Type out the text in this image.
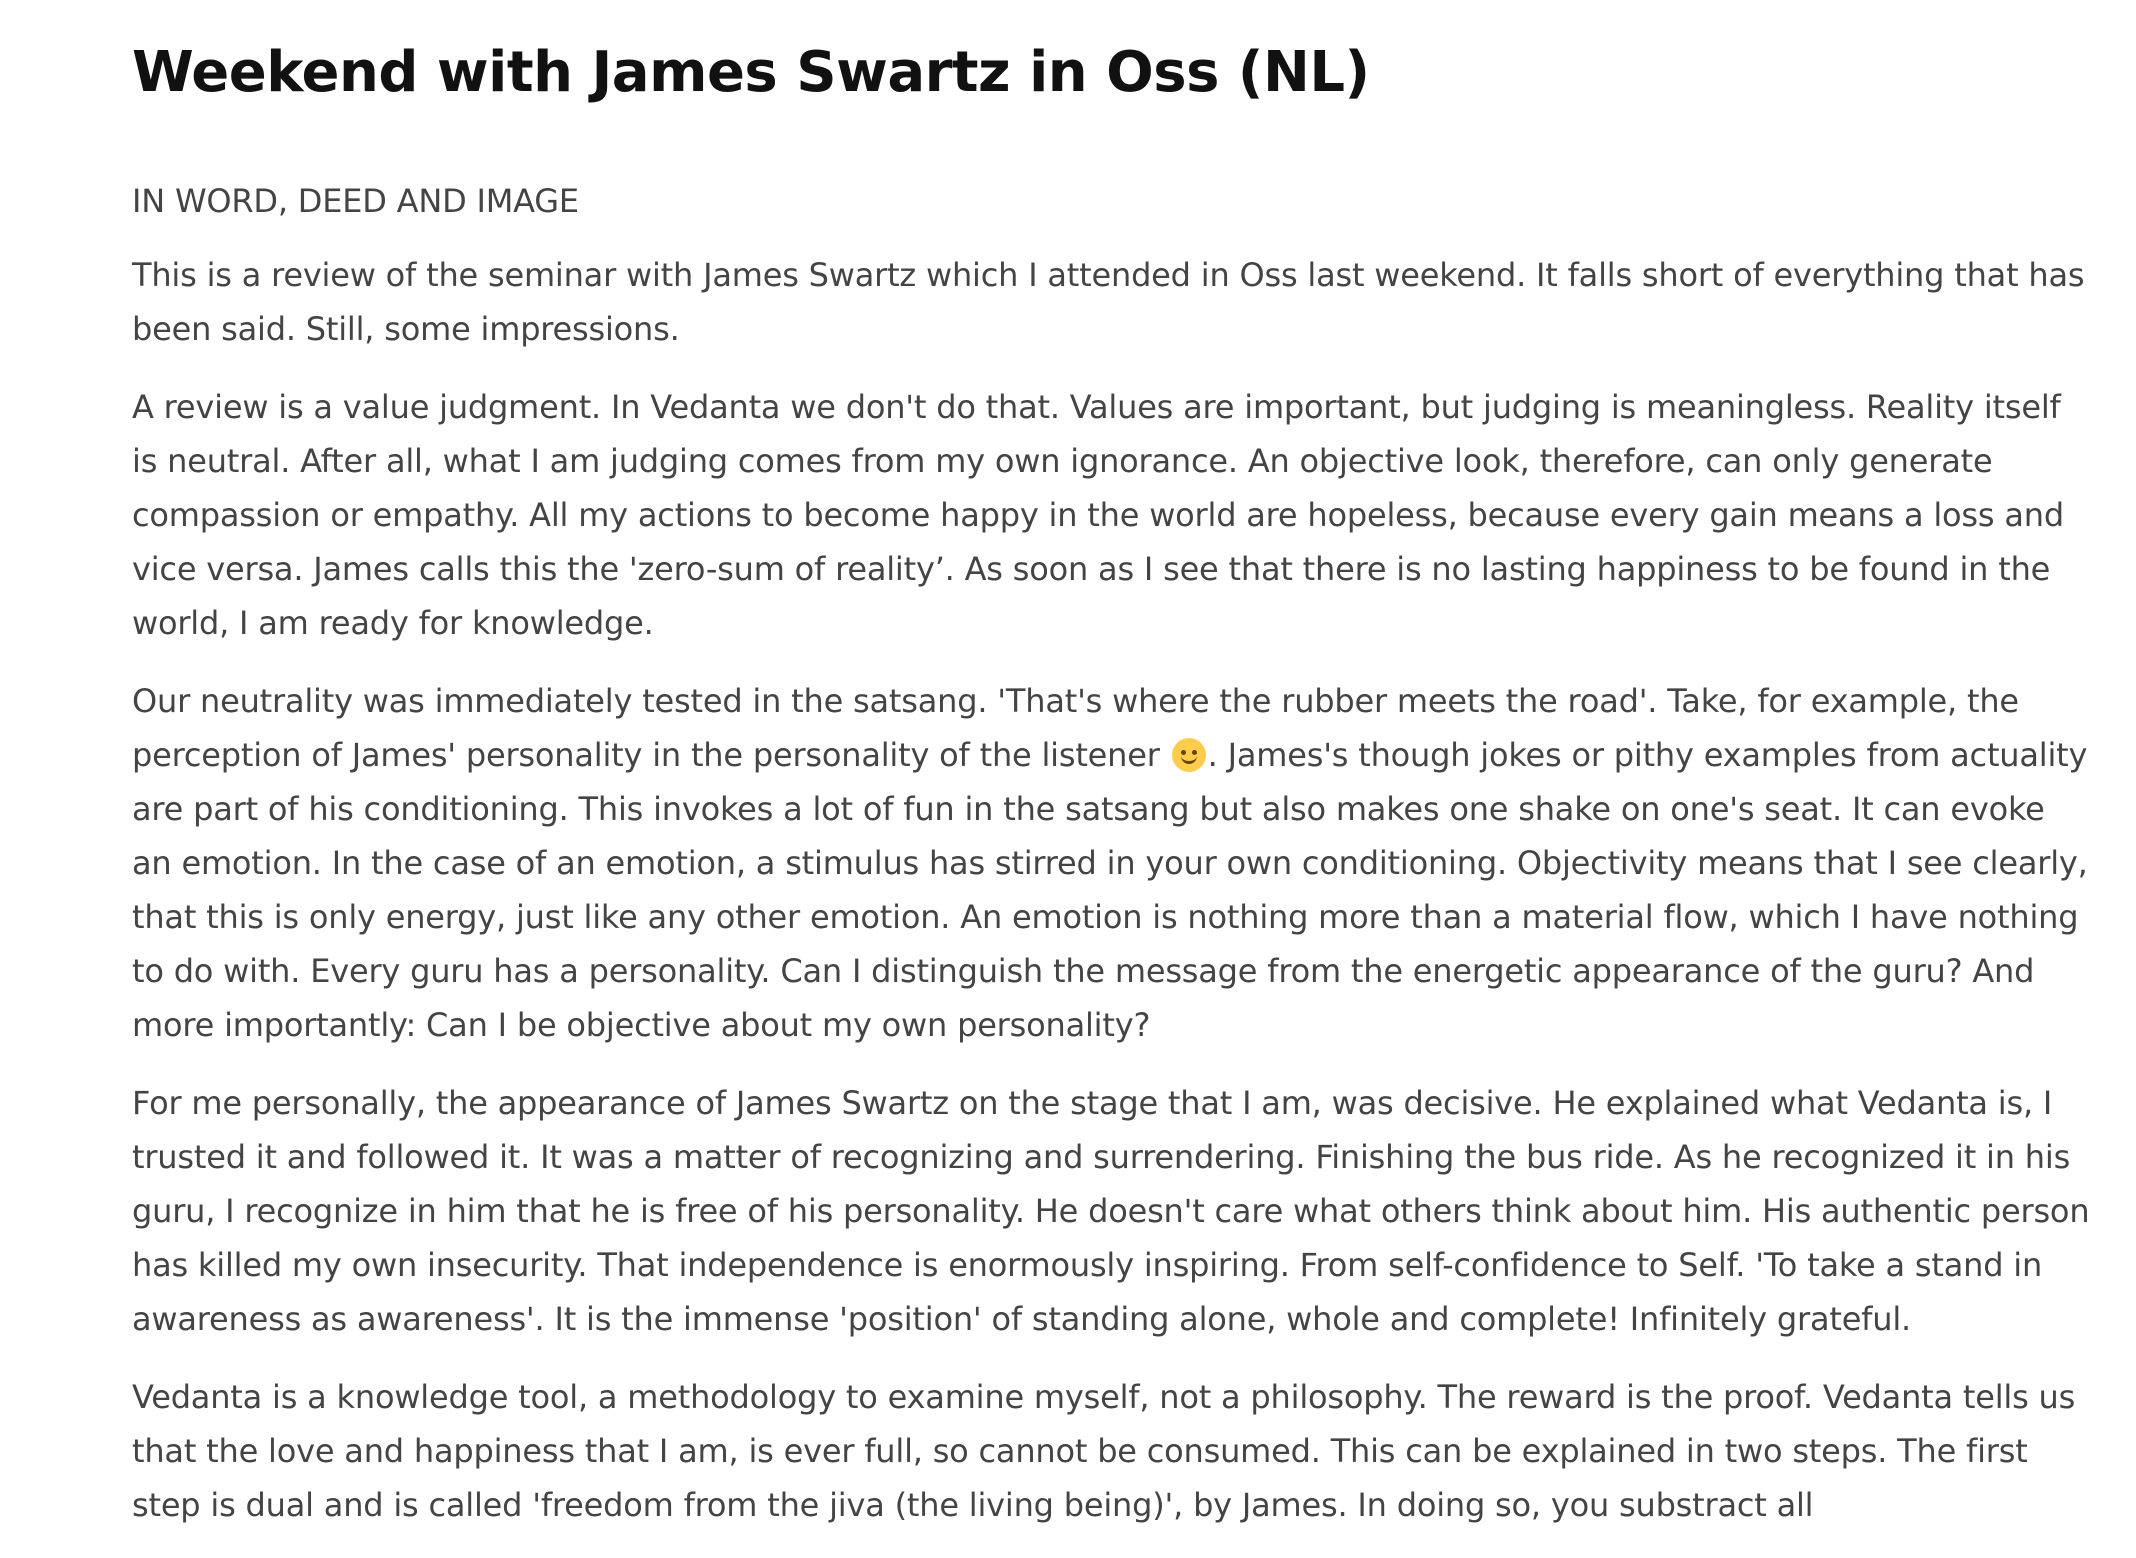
Weekend with James Swartz in Oss (NL)

IN WORD, DEED AND IMAGE

This is a review of the seminar with James Swartz which I attended in Oss last weekend. It falls short of everything that has been said. Still, some impressions.

A review is a value judgment. In Vedanta we don't do that. Values are important, but judging is meaningless. Reality itself is neutral. After all, what I am judging comes from my own ignorance. An objective look, therefore, can only generate compassion or empathy. All my actions to become happy in the world are hopeless, because every gain means a loss and vice versa. James calls this the 'zero-sum of reality’. As soon as I see that there is no lasting happiness to be found in the world, I am ready for knowledge.

Our neutrality was immediately tested in the satsang. 'That's where the rubber meets the road'. Take, for example, the perception of James' personality in the personality of the listener . James's though jokes or pithy examples from actuality are part of his conditioning. This invokes a lot of fun in the satsang but also makes one shake on one's seat. It can evoke an emotion. In the case of an emotion, a stimulus has stirred in your own conditioning. Objectivity means that I see clearly, that this is only energy, just like any other emotion. An emotion is nothing more than a material flow, which I have nothing to do with. Every guru has a personality. Can I distinguish the message from the energetic appearance of the guru? And more importantly: Can I be objective about my own personality?

For me personally, the appearance of James Swartz on the stage that I am, was decisive. He explained what Vedanta is, I trusted it and followed it. It was a matter of recognizing and surrendering. Finishing the bus ride. As he recognized it in his guru, I recognize in him that he is free of his personality. He doesn't care what others think about him. His authentic person has killed my own insecurity. That independence is enormously inspiring. From self-confidence to Self. 'To take a stand in awareness as awareness'. It is the immense 'position' of standing alone, whole and complete! Infinitely grateful.

Vedanta is a knowledge tool, a methodology to examine myself, not a philosophy. The reward is the proof. Vedanta tells us that the love and happiness that I am, is ever full, so cannot be consumed. This can be explained in two steps. The first step is dual and is called 'freedom from the jiva (the living being)', by James. In doing so, you substract all
